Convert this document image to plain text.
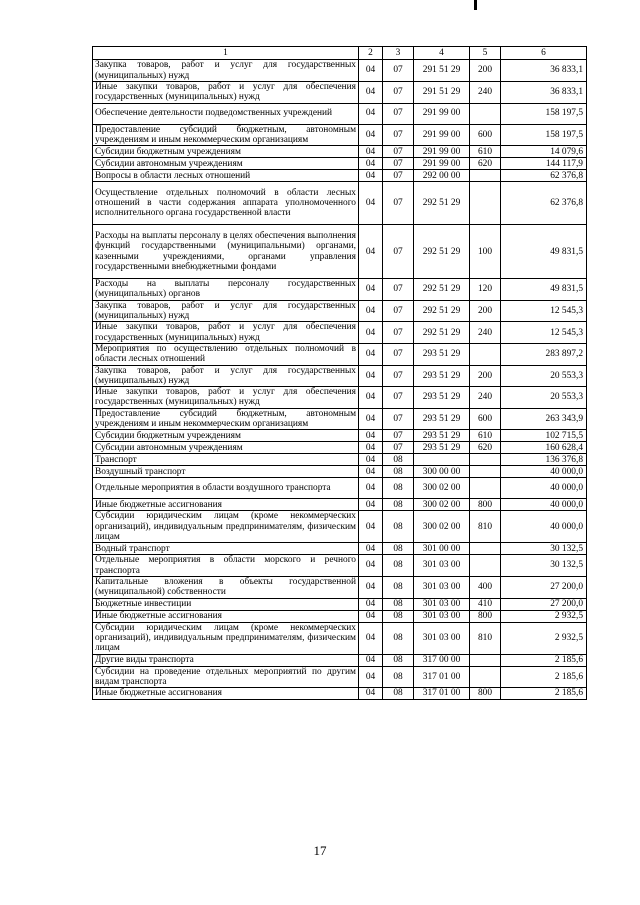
1	2	3	4	5	6
Закупка товаров, работ и услуг для государственных (муниципальных) нужд	04	07	291 51 29	200	36 833,1
Иные закупки товаров, работ и услуг для обеспечения государственных (муниципальных) нужд	04	07	291 51 29	240	36 833,1
Обеспечение деятельности подведомственных учреждений	04	07	291 99 00		158 197,5
Предоставление субсидий бюджетным, автономным учреждениям и иным некоммерческим организациям	04	07	291 99 00	600	158 197,5
Субсидии бюджетным учреждениям	04	07	291 99 00	610	14 079,6
Субсидии автономным учреждениям	04	07	291 99 00	620	144 117,9
Вопросы в области лесных отношений	04	07	292 00 00		62 376,8
Осуществление отдельных полномочий в области лесных отношений в части содержания аппарата уполномоченного исполнительного органа государственной власти	04	07	292 51 29		62 376,8
Расходы на выплаты персоналу в целях обеспечения выполнения функций государственными (муниципальными) органами, казенными учреждениями, органами управления государственными внебюджетными фондами	04	07	292 51 29	100	49 831,5
Расходы на выплаты персоналу государственных (муниципальных) органов	04	07	292 51 29	120	49 831,5
Закупка товаров, работ и услуг для государственных (муниципальных) нужд	04	07	292 51 29	200	12 545,3
Иные закупки товаров, работ и услуг для обеспечения государственных (муниципальных) нужд	04	07	292 51 29	240	12 545,3
Мероприятия по осуществлению отдельных полномочий в области лесных отношений	04	07	293 51 29		283 897,2
Закупка товаров, работ и услуг для государственных (муниципальных) нужд	04	07	293 51 29	200	20 553,3
Иные закупки товаров, работ и услуг для обеспечения государственных (муниципальных) нужд	04	07	293 51 29	240	20 553,3
Предоставление субсидий бюджетным, автономным учреждениям и иным некоммерческим организациям	04	07	293 51 29	600	263 343,9
Субсидии бюджетным учреждениям	04	07	293 51 29	610	102 715,5
Субсидии автономным учреждениям	04	07	293 51 29	620	160 628,4
Транспорт	04	08			136 376,8
Воздушный транспорт	04	08	300 00 00		40 000,0
Отдельные мероприятия в области воздушного транспорта	04	08	300 02 00		40 000,0
Иные бюджетные ассигнования	04	08	300 02 00	800	40 000,0
Субсидии юридическим лицам (кроме некоммерческих организаций), индивидуальным предпринимателям, физическим лицам	04	08	300 02 00	810	40 000,0
Водный транспорт	04	08	301 00 00		30 132,5
Отдельные мероприятия в области морского и речного транспорта	04	08	301 03 00		30 132,5
Капитальные вложения в объекты государственной (муниципальной) собственности	04	08	301 03 00	400	27 200,0
Бюджетные инвестиции	04	08	301 03 00	410	27 200,0
Иные бюджетные ассигнования	04	08	301 03 00	800	2 932,5
Субсидии юридическим лицам (кроме некоммерческих организаций), индивидуальным предпринимателям, физическим лицам	04	08	301 03 00	810	2 932,5
Другие виды транспорта	04	08	317 00 00		2 185,6
Субсидии на проведение отдельных мероприятий по другим видам транспорта	04	08	317 01 00		2 185,6
Иные бюджетные ассигнования	04	08	317 01 00	800	2 185,6
17
